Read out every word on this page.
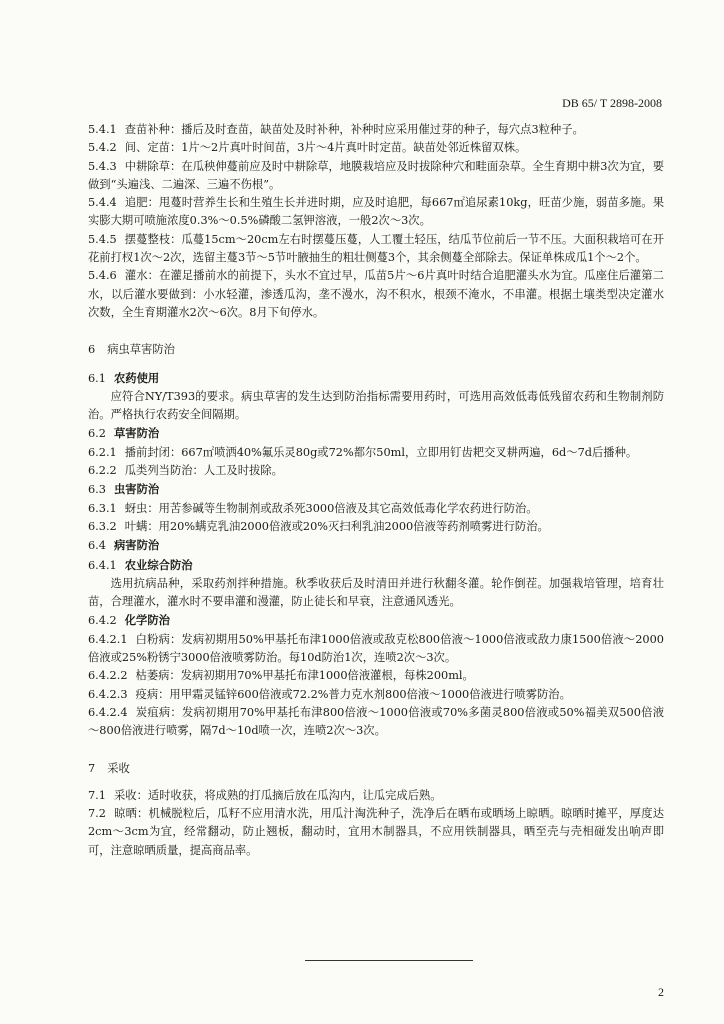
DB 65/ T 2898-2008

5.4.1 查苗补种：播后及时查苗，缺苗处及时补种，补种时应采用催过芽的种子，每穴点3粒种子。

5.4.2 间、定苗：1片～2片真叶时间苗，3片～4片真叶时定苗。缺苗处邻近株留双株。

5.4.3 中耕除草：在瓜秧伸蔓前应及时中耕除草，地膜栽培应及时拔除种穴和畦面杂草。全生育期中耕3次为宜，要做到“头遍浅、二遍深、三遍不伤根”。

5.4.4 追肥：甩蔓时营养生长和生殖生长并进时期，应及时追肥，每667㎡追尿素10kg，旺苗少施，弱苗多施。果实膨大期可喷施浓度0.3%～0.5%磷酸二氢钾溶液，一般2次～3次。

5.4.5 摆蔓整枝：瓜蔓15cm～20cm左右时摆蔓压蔓，人工覆土轻压，结瓜节位前后一节不压。大面积栽培可在开花前打杈1次～2次，选留主蔓3节～5节叶腋抽生的粗壮侧蔓3个，其余侧蔓全部除去。保证单株成瓜1个～2个。

5.4.6 灌水：在灌足播前水的前提下，头水不宜过早，瓜苗5片～6片真叶时结合追肥灌头水为宜。瓜座住后灌第二水，以后灌水要做到：小水轻灌，渗透瓜沟，垄不漫水，沟不积水，根颈不淹水，不串灌。根据土壤类型决定灌水次数，全生育期灌水2次～6次。8月下旬停水。

6 病虫草害防治

6.1 农药使用

应符合NY/T393的要求。病虫草害的发生达到防治指标需要用药时，可选用高效低毒低残留农药和生物制剂防治。严格执行农药安全间隔期。

6.2 草害防治

6.2.1 播前封闭：667㎡喷洒40%氟乐灵80g或72%都尔50ml，立即用钉齿耙交叉耕两遍，6d～7d后播种。

6.2.2 瓜类列当防治：人工及时拔除。

6.3 虫害防治

6.3.1 蚜虫：用苦参碱等生物制剂或敌杀死3000倍液及其它高效低毒化学农药进行防治。

6.3.2 叶螨：用20%螨克乳油2000倍液或20%灭扫利乳油2000倍液等药剂喷雾进行防治。

6.4 病害防治

6.4.1 农业综合防治

选用抗病品种，采取药剂拌种措施。秋季收获后及时清田并进行秋翻冬灌。轮作倒茬。加强栽培管理，培育壮苗，合理灌水，灌水时不要串灌和漫灌，防止徒长和早衰，注意通风透光。

6.4.2 化学防治

6.4.2.1 白粉病：发病初期用50%甲基托布津1000倍液或敌克松800倍液～1000倍液或敌力康1500倍液～2000倍液或25%粉锈宁3000倍液喷雾防治。每10d防治1次，连喷2次～3次。

6.4.2.2 枯萎病：发病初期用70%甲基托布津1000倍液灌根，每株200ml。

6.4.2.3 疫病：用甲霜灵锰锌600倍液或72.2%普力克水剂800倍液～1000倍液进行喷雾防治。

6.4.2.4 炭疽病：发病初期用70%甲基托布津800倍液～1000倍液或70%多菌灵800倍液或50%福美双500倍液～800倍液进行喷雾，隔7d～10d喷一次，连喷2次～3次。

7 采收

7.1 采收：适时收获，将成熟的打瓜摘后放在瓜沟内，让瓜完成后熟。

7.2 晾晒：机械脱粒后，瓜籽不应用清水洗，用瓜汁淘洗种子，洗净后在晒布或晒场上晾晒。晾晒时摊平，厚度达2cm～3cm为宜，经常翻动，防止翘板，翻动时，宜用木制器具，不应用铁制器具，晒至壳与壳相碰发出响声即可，注意晾晒质量，提高商品率。

2
